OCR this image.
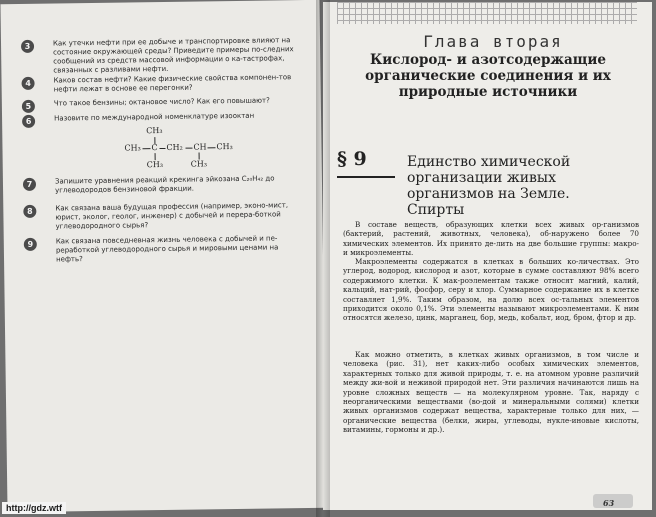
3	Как утечки нефти при ее добыче и транспортировке влияют на состояние окружающей среды? Приведите примеры по-следних сообщений из средств массовой информации о ка-тастрофах, связанных с разливами нефти.
4	Каков состав нефти? Какие физические свойства компонен-тов нефти лежат в основе ее перегонки?
5	Что такое бензины; октановое число? Как его повышают?
6	Назовите по международной номенклатуре изооктан
CH₃
CH₃ C CH₂ CH CH₃
CH₃	CH₃
7	Запишите уравнения реакций крекинга эйкозана C₂₀H₄₂ до углеводородов бензиновой фракции.
8	Как связана ваша будущая профессия (например, эконо-мист, юрист, эколог, геолог, инженер) с добычей и перера-боткой углеводородного сырья?
9	Как связана повседневная жизнь человека с добычей и пе-реработкой углеводородного сырья и мировыми ценами на нефть?
Глава вторая
Кислород- и азотсодержащие органические соединения и их природные источники
§ 9	Единство химической организации живых организмов на Земле. Спирты
В составе веществ, образующих клетки всех живых ор-ганизмов (бактерий, растений, животных, человека), об-наружено более 70 химических элементов. Их принято де-лить на две большие группы: макро- и микроэлементы.
Макроэлементы содержатся в клетках в больших ко-личествах. Это углерод, водород, кислород и азот, которые в сумме составляют 98% всего содержимого клетки. К мак-роэлементам также относят магний, калий, кальций, нат-рий, фосфор, серу и хлор. Суммарное содержание их в клетке составляет 1,9%. Таким образом, на долю всех ос-тальных элементов приходится около 0,1%. Эти элементы называют микроэлементами. К ним относятся железо, цинк, марганец, бор, медь, кобальт, иод, бром, фтор и др.
Как можно отметить, в клетках живых организмов, в том числе и человека (рис. 31), нет каких-либо особых химических элементов, характерных только для живой природы, т. е. на атомном уровне различий между жи-вой и неживой природой нет. Эти различия начинаются лишь на уровне сложных веществ — на молекулярном уровне. Так, наряду с неорганическими веществами (во-дой и минеральными солями) клетки живых организмов содержат вещества, характерные только для них, — органические вещества (белки, жиры, углеводы, нукле-иновые кислоты, витамины, гормоны и др.).
63
http://gdz.wtf
